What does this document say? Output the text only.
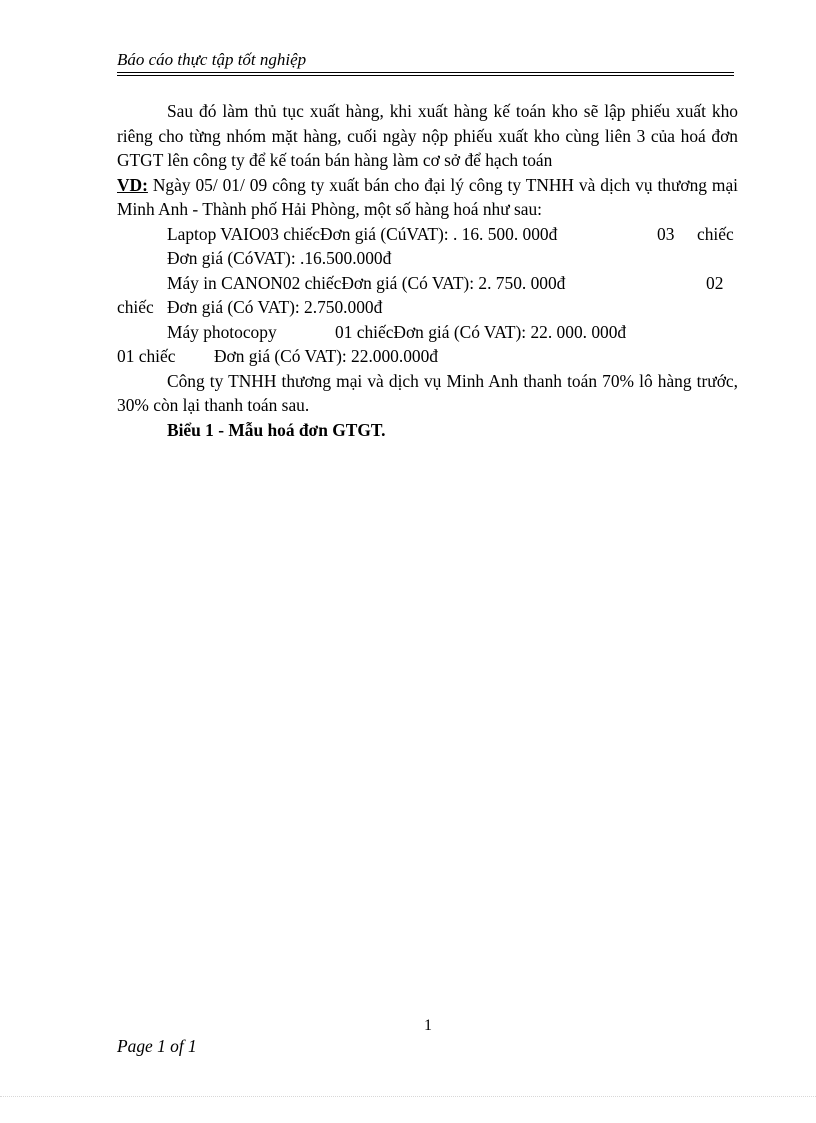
Báo cáo thực tập tốt nghiệp

Sau đó làm thủ tục xuất hàng, khi xuất hàng kế toán kho sẽ lập phiếu xuất kho riêng cho từng nhóm mặt hàng, cuối ngày nộp phiếu xuất kho cùng liên 3 của hoá đơn GTGT lên công ty để kế toán bán hàng làm cơ sở để hạch toán

VD: Ngày 05/ 01/ 09 công ty xuất bán cho đại lý công ty TNHH và dịch vụ thương mại Minh Anh - Thành phố Hải Phòng, một số hàng hoá như sau:

Laptop VAIO03 chiếcĐơn giá (CúVAT): . 16. 500. 000đ	03 chiếc
Đơn giá (CóVAT): .16.500.000đ
Máy in CANON02 chiếcĐơn giá (Có VAT): 2. 750. 000đ	02
chiếc Đơn giá (Có VAT): 2.750.000đ
Máy photocopy	01 chiếcĐơn giá (Có VAT): 22. 000. 000đ
01 chiếc Đơn giá (Có VAT): 22.000.000đ

Công ty TNHH thương mại và dịch vụ Minh Anh thanh toán 70% lô hàng trước, 30% còn lại thanh toán sau.

Biểu 1 - Mẫu hoá đơn GTGT.

1
Page 1 of 1
